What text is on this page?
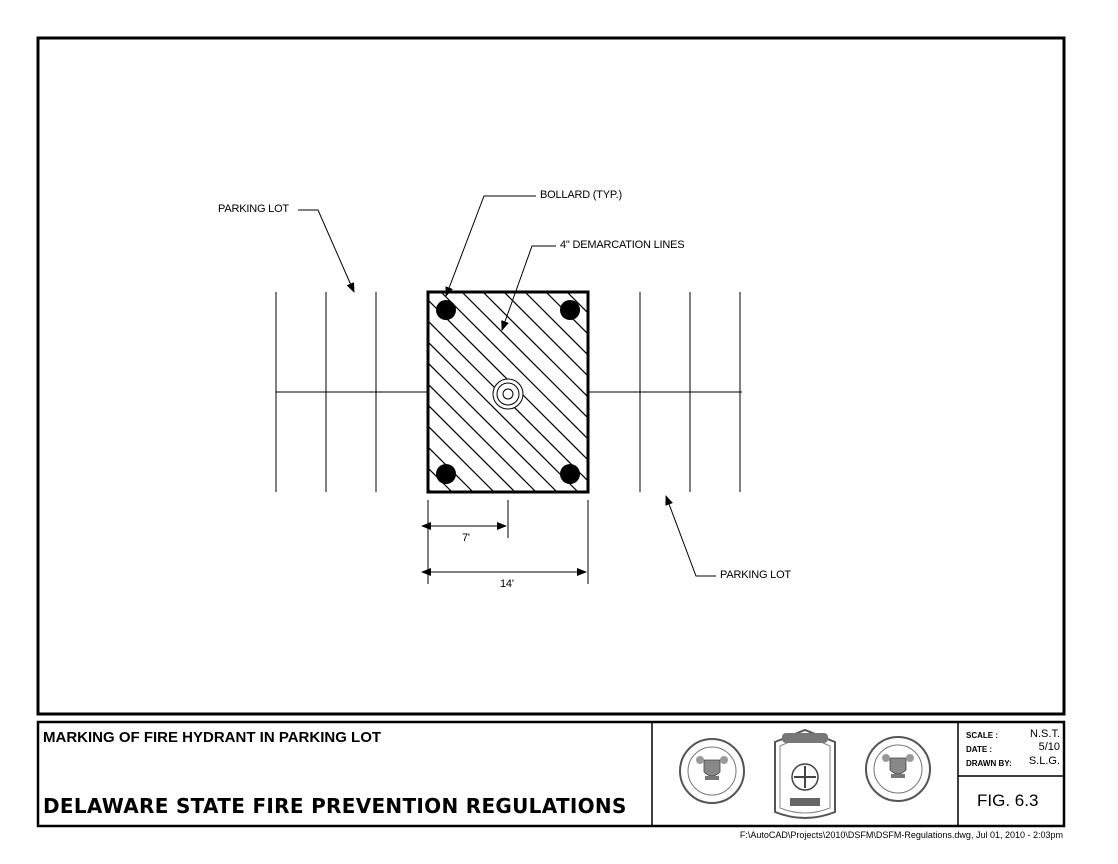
PARKING LOT
BOLLARD (TYP.)
4" DEMARCATION LINES
PARKING LOT
7'
14'
MARKING OF FIRE HYDRANT IN PARKING LOT
DELAWARE STATE FIRE PREVENTION REGULATIONS
SCALE :	N.S.T.
DATE :	5/10
DRAWN BY: S.L.G.
FIG. 6.3
F:\AutoCAD\Projects\2010\DSFM\DSFM-Regulations.dwg, Jul 01, 2010 - 2:03pm
